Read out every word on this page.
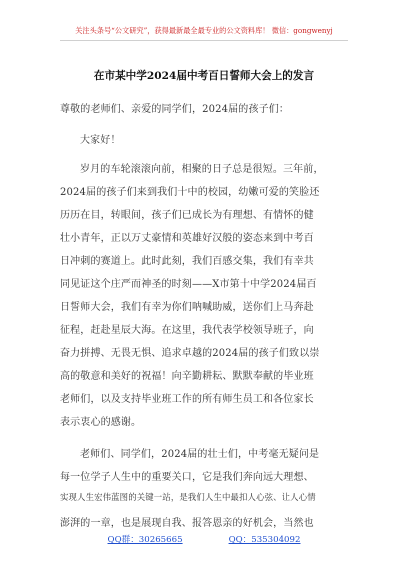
关注头条号“公文研究”，获得最新最全最专业的公文资料库！ 微信：gongwenyj
在市某中学2024届中考百日誓师大会上的发言
尊敬的老师们、亲爱的同学们，2024届的孩子们：
大家好！
岁月的车轮滚滚向前，相聚的日子总是很短。三年前，
2024届的孩子们来到我们十中的校园，幼嫩可爱的笑脸还
历历在目，转眼间，孩子们已成长为有理想、有情怀的健
壮小青年，正以万丈豪情和英雄好汉般的姿态来到中考百
日冲刺的赛道上。此时此刻，我们百感交集，我们有幸共
同见证这个庄严而神圣的时刻——X市第十中学2024届百
日誓师大会，我们有幸为你们呐喊助威，送你们上马奔赴
征程，赶赴星辰大海。在这里，我代表学校领导班子，向
奋力拼搏、无畏无惧、追求卓越的2024届的孩子们致以崇
高的敬意和美好的祝福！向辛勤耕耘、默默奉献的毕业班
老师们，以及支持毕业班工作的所有师生员工和各位家长
表示衷心的感谢。
老师们、同学们，2024届的壮士们，中考毫无疑问是
每一位学子人生中的重要关口，它是我们奔向远大理想、
实现人生宏伟蓝图的关键一站，是我们人生中最扣人心弦、让人心情
澎湃的一章，也是展现自我、报答恩亲的好机会，当然也
QQ群：30265665	QQ：535304092
